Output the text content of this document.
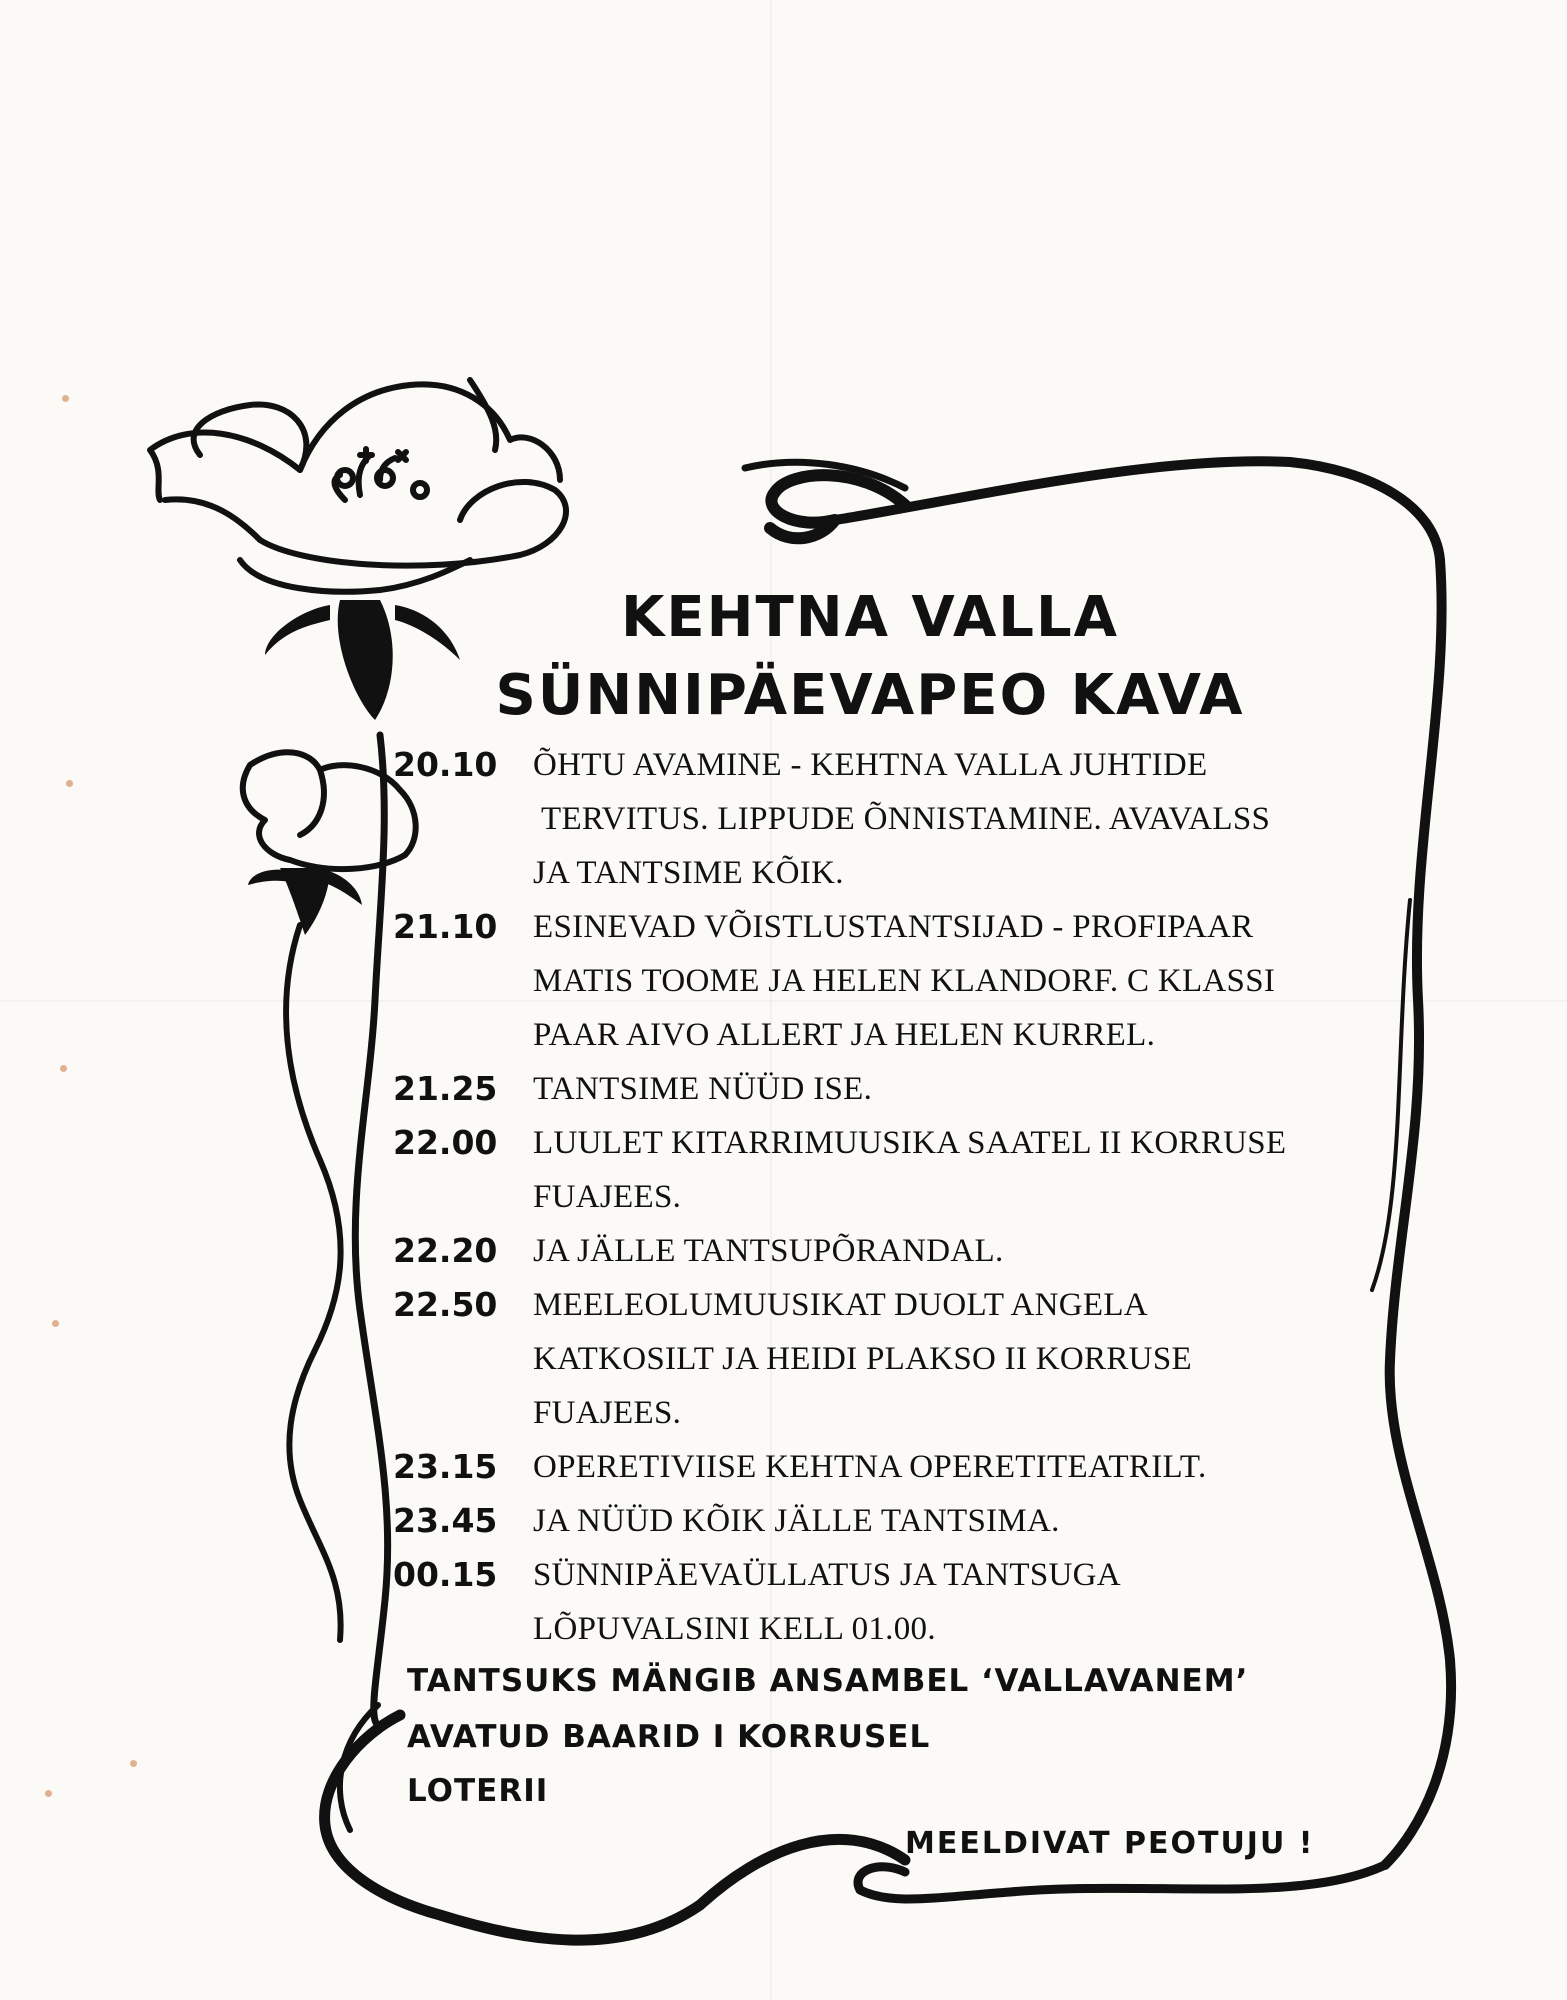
KEHTNA VALLA
SÜNNIPÄEVAPEO KAVA
20.10	ÕHTU AVAMINE - KEHTNA VALLA JUHTIDE
TERVITUS. LIPPUDE ÕNNISTAMINE. AVAVALSS
JA TANTSIME KÕIK.
21.10	ESINEVAD VÕISTLUSTANTSIJAD - PROFIPAAR
MATIS TOOME JA HELEN KLANDORF. C KLASSI
PAAR AIVO ALLERT JA HELEN KURREL.
21.25	TANTSIME NÜÜD ISE.
22.00	LUULET KITARRIMUUSIKA SAATEL II KORRUSE
FUAJEES.
22.20	JA JÄLLE TANTSUPÕRANDAL.
22.50	MEELEOLUMUUSIKAT DUOLT ANGELA
KATKOSILT JA HEIDI PLAKSO II KORRUSE
FUAJEES.
23.15	OPERETIVIISE KEHTNA OPERETITEATRILT.
23.45	JA NÜÜD KÕIK JÄLLE TANTSIMA.
00.15	SÜNNIPÄEVAÜLLATUS JA TANTSUGA
LÕPUVALSINI KELL 01.00.
TANTSUKS MÄNGIB ANSAMBEL ‘VALLAVANEM’
AVATUD BAARID I KORRUSEL
LOTERII
MEELDIVAT PEOTUJU !
